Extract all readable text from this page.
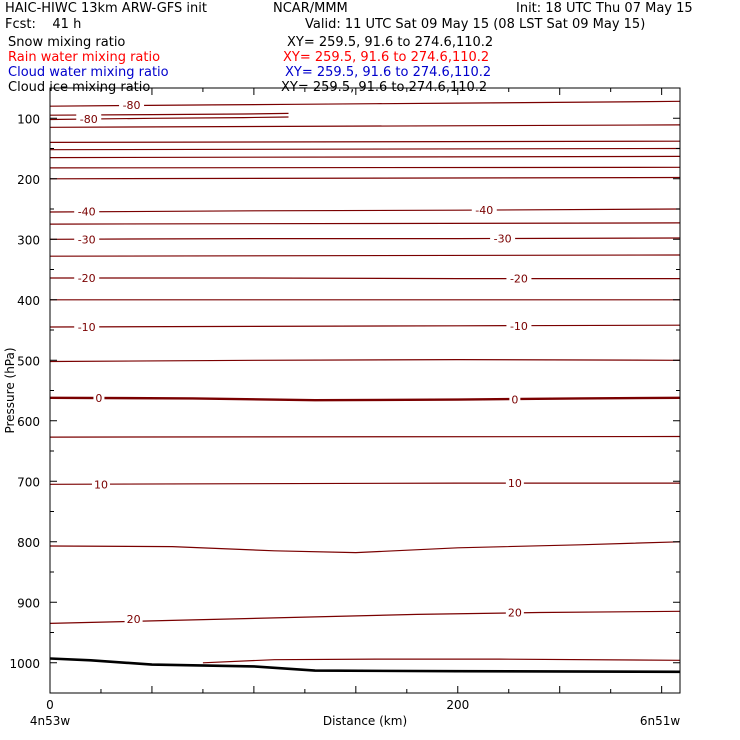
HAIC-HIWC 13km ARW-GFS init	NCAR/MMM	Init: 18 UTC Thu 07 May 15
Fcst:    41 h	Valid: 11 UTC Sat 09 May 15 (08 LST Sat 09 May 15)
Snow mixing ratio	XY= 259.5, 91.6 to 274.6,110.2
Rain water mixing ratio	XY= 259.5, 91.6 to 274.6,110.2
Cloud water mixing ratio	XY= 259.5, 91.6 to 274.6,110.2
Cloud ice mixing ratio	XY= 259.5, 91.6 to 274.6,110.2
-80
-80
-40	-40
-30	-30
-20	-20
-10	-10
0	0
10	10
20
20
100
200
300
400
500
600
700
800
900
1000
0	200
Distance (km)
Pressure (hPa)
4n53w	6n51w
